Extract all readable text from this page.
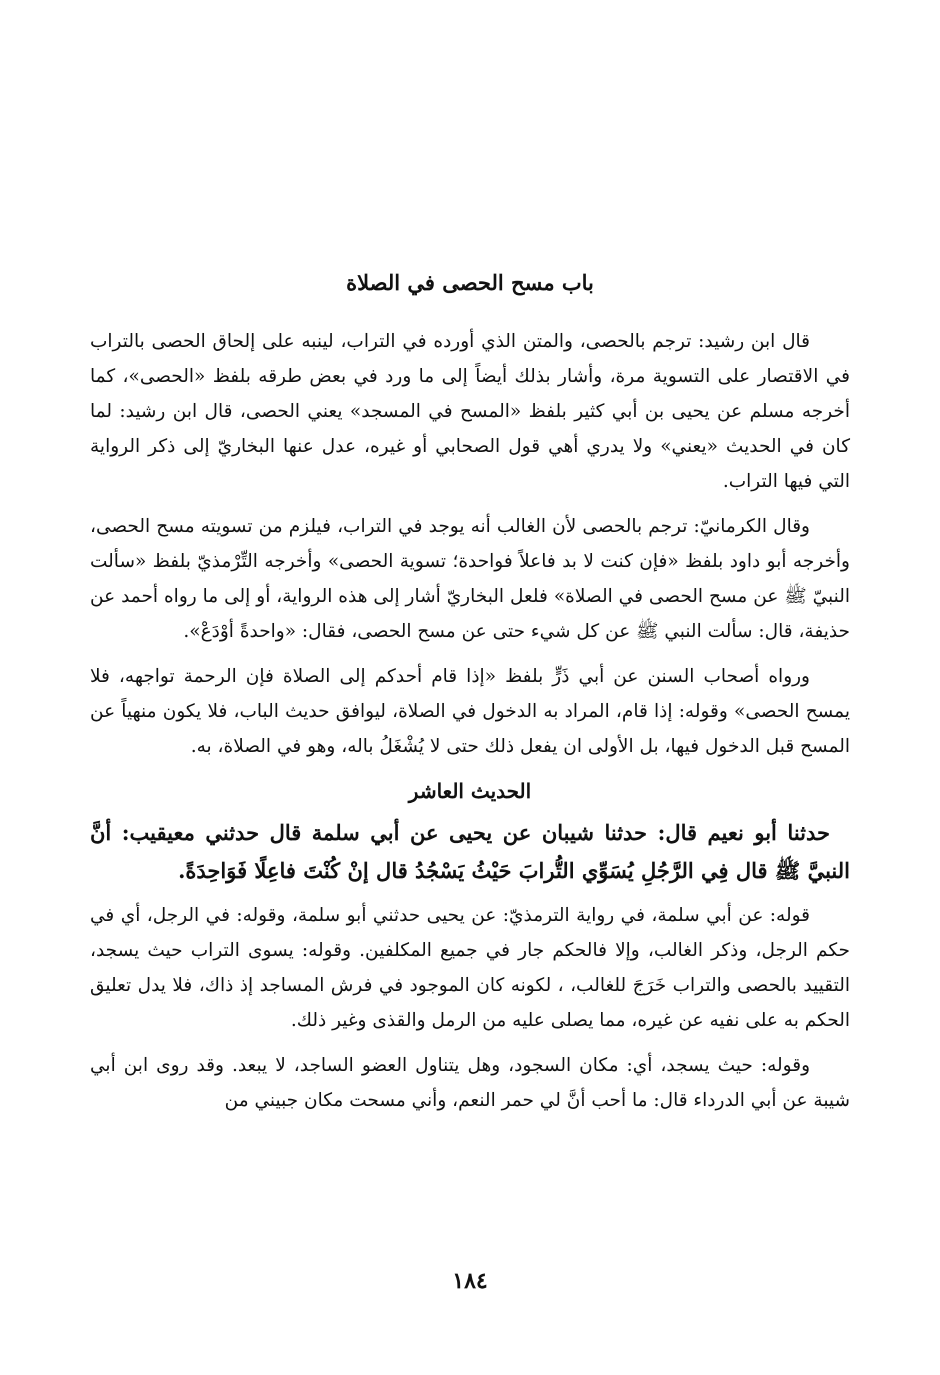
باب مسح الحصى في الصلاة

قال ابن رشيد: ترجم بالحصى، والمتن الذي أورده في التراب، لينبه على إلحاق الحصى بالتراب في الاقتصار على التسوية مرة، وأشار بذلك أيضاً إلى ما ورد في بعض طرقه بلفظ «الحصى»، كما أخرجه مسلم عن يحيى بن أبي كثير بلفظ «المسح في المسجد» يعني الحصى، قال ابن رشيد: لما كان في الحديث «يعني» ولا يدري أهي قول الصحابي أو غيره، عدل عنها البخاريّ إلى ذكر الرواية التي فيها التراب.

وقال الكرمانيّ: ترجم بالحصى لأن الغالب أنه يوجد في التراب، فيلزم من تسويته مسح الحصى، وأخرجه أبو داود بلفظ «فإن كنت لا بد فاعلاً فواحدة؛ تسوية الحصى» وأخرجه التِّرْمذيّ بلفظ «سألت النبيّ ﷺ عن مسح الحصى في الصلاة» فلعل البخاريّ أشار إلى هذه الرواية، أو إلى ما رواه أحمد عن حذيفة، قال: سألت النبي ﷺ عن كل شيء حتى عن مسح الحصى، فقال: «واحدةً أوْدَعْ».

ورواه أصحاب السنن عن أبي ذَرٍّ بلفظ «إذا قام أحدكم إلى الصلاة فإن الرحمة تواجهه، فلا يمسح الحصى» وقوله: إذا قام، المراد به الدخول في الصلاة، ليوافق حديث الباب، فلا يكون منهياً عن المسح قبل الدخول فيها، بل الأولى ان يفعل ذلك حتى لا يُشْغَلُ باله، وهو في الصلاة، به.

الحديث العاشر

حدثنا أبو نعيم قال: حدثنا شيبان عن يحيى عن أبي سلمة قال حدثني معيقيب: أنَّ النبيَّ ﷺ قال فِي الرَّجُلِ يُسَوِّي التُّرابَ حَيْثُ يَسْجُدُ قال إنْ كُنْتَ فاعِلًا فَوَاحِدَةً.

قوله: عن أبي سلمة، في رواية الترمذيّ: عن يحيى حدثني أبو سلمة، وقوله: في الرجل، أي في حكم الرجل، وذكر الغالب، وإلا فالحكم جار في جميع المكلفين. وقوله: يسوى التراب حيث يسجد، التقييد بالحصى والتراب خَرَجَ للغالب، ، لكونه كان الموجود في فرش المساجد إذ ذاك، فلا يدل تعليق الحكم به على نفيه عن غيره، مما يصلى عليه من الرمل والقذى وغير ذلك.

وقوله: حيث يسجد، أي: مكان السجود، وهل يتناول العضو الساجد، لا يبعد. وقد روى ابن أبي شيبة عن أبي الدرداء قال: ما أحب أنَّ لي حمر النعم، وأني مسحت مكان جبيني من

١٨٤
